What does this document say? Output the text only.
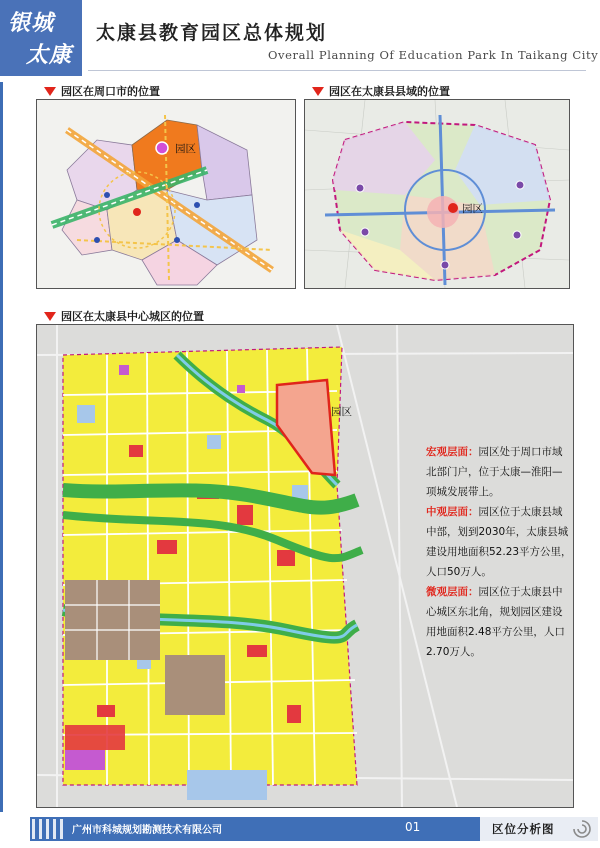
银城
太康
太康县教育园区总体规划
Overall Planning Of Education Park In Taikang City
园区在周口市的位置
园区
园区在太康县县域的位置
园区
园区在太康县中心城区的位置
园区

宏观层面：园区处于周口市域北部门户，位于太康—淮阳—项城发展带上。

中观层面：园区位于太康县域中部，划到2030年，太康县城建设用地面积52.23平方公里，人口50万人。

微观层面：园区位于太康县中心城区东北角，规划园区建设用地面积2.48平方公里，人口2.70万人。

广州市科城规划勘测技术有限公司	01	区位分析图
